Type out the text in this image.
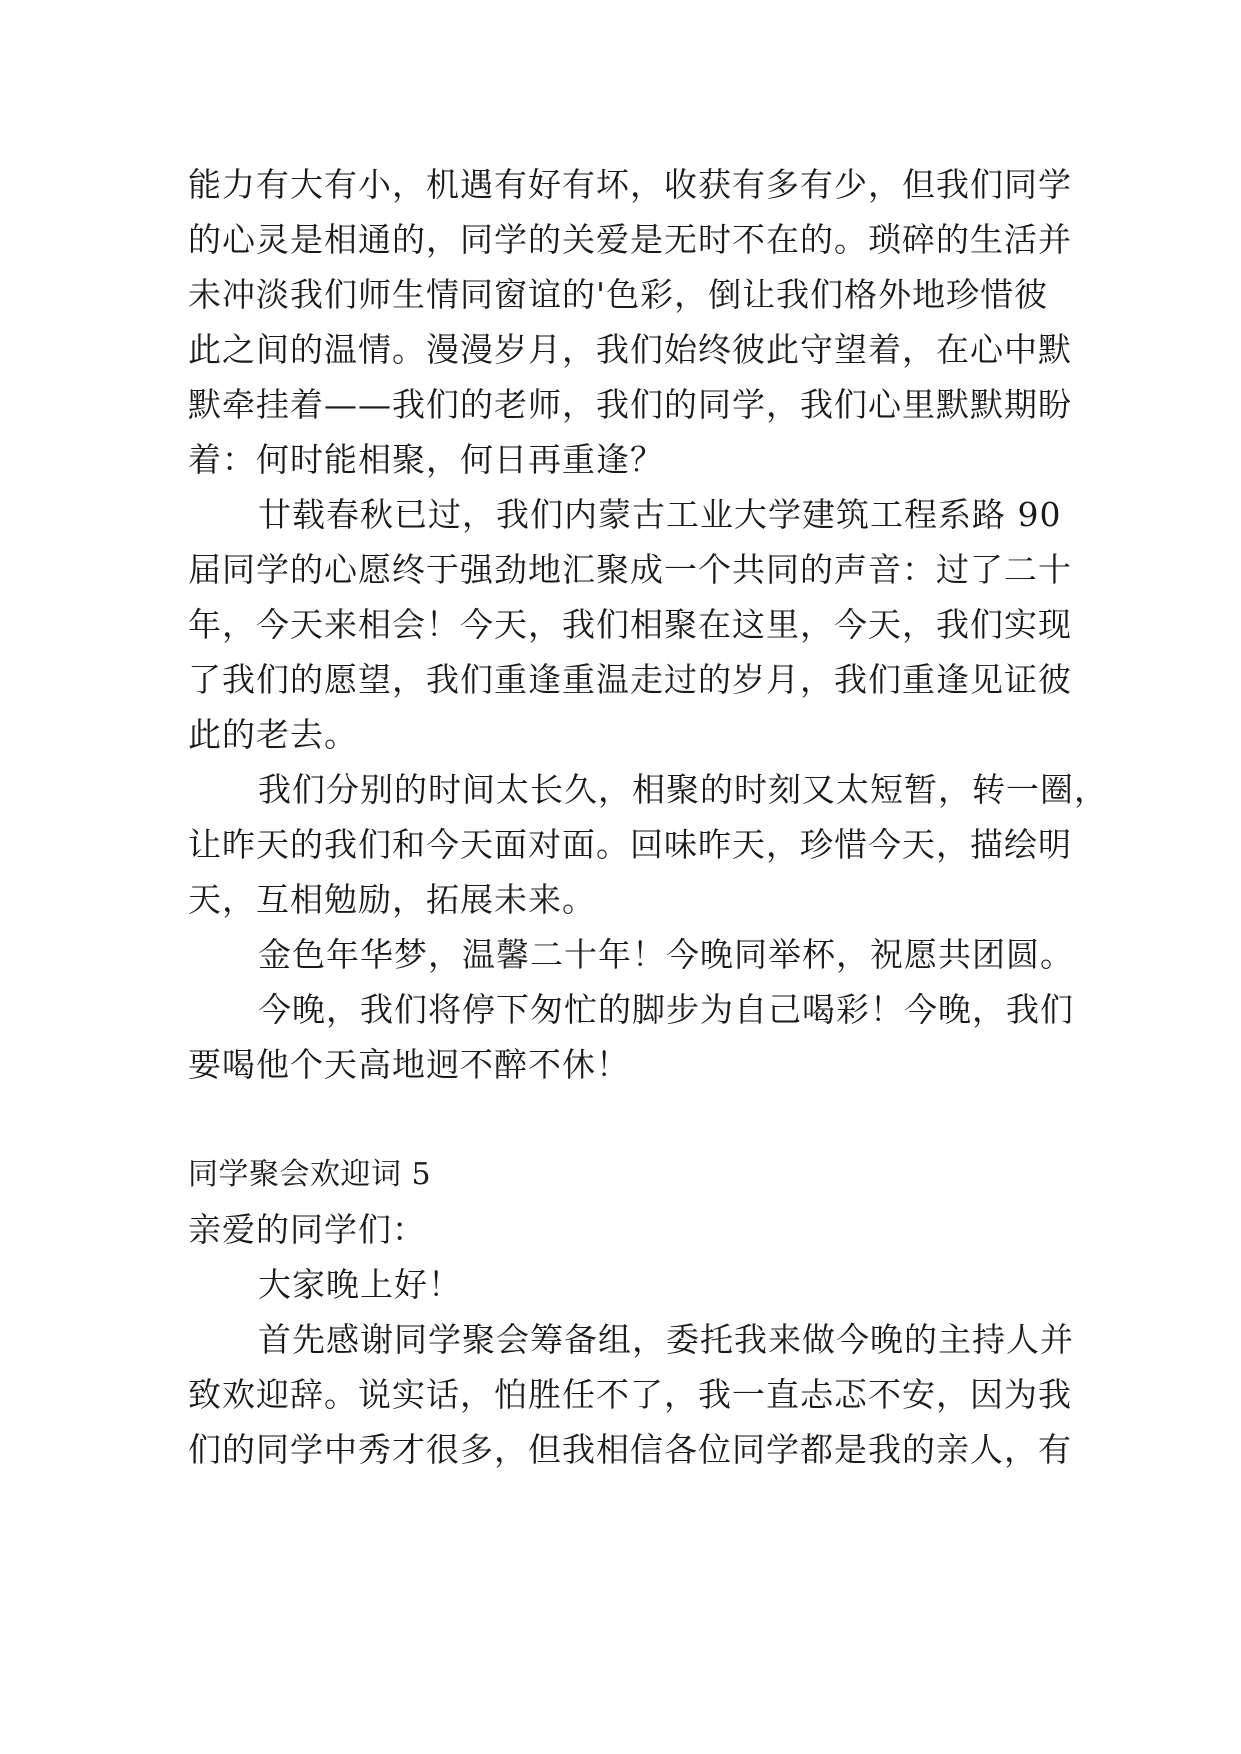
能力有大有小，机遇有好有坏，收获有多有少，但我们同学
的心灵是相通的，同学的关爱是无时不在的。琐碎的生活并
未冲淡我们师生情同窗谊的'色彩，倒让我们格外地珍惜彼
此之间的温情。漫漫岁月，我们始终彼此守望着，在心中默
默牵挂着——我们的老师，我们的同学，我们心里默默期盼
着：何时能相聚，何日再重逢？
廿载春秋已过，我们内蒙古工业大学建筑工程系路 90
届同学的心愿终于强劲地汇聚成一个共同的声音：过了二十
年，今天来相会！今天，我们相聚在这里，今天，我们实现
了我们的愿望，我们重逢重温走过的岁月，我们重逢见证彼
此的老去。
我们分别的时间太长久，相聚的时刻又太短暂，转一圈，
让昨天的我们和今天面对面。回味昨天，珍惜今天，描绘明
天，互相勉励，拓展未来。
金色年华梦，温馨二十年！今晚同举杯，祝愿共团圆。
今晚，我们将停下匆忙的脚步为自己喝彩！今晚，我们
要喝他个天高地迥不醉不休！
同学聚会欢迎词 5
亲爱的同学们：
大家晚上好！
首先感谢同学聚会筹备组，委托我来做今晚的主持人并
致欢迎辞。说实话，怕胜任不了，我一直忐忑不安，因为我
们的同学中秀才很多，但我相信各位同学都是我的亲人，有
